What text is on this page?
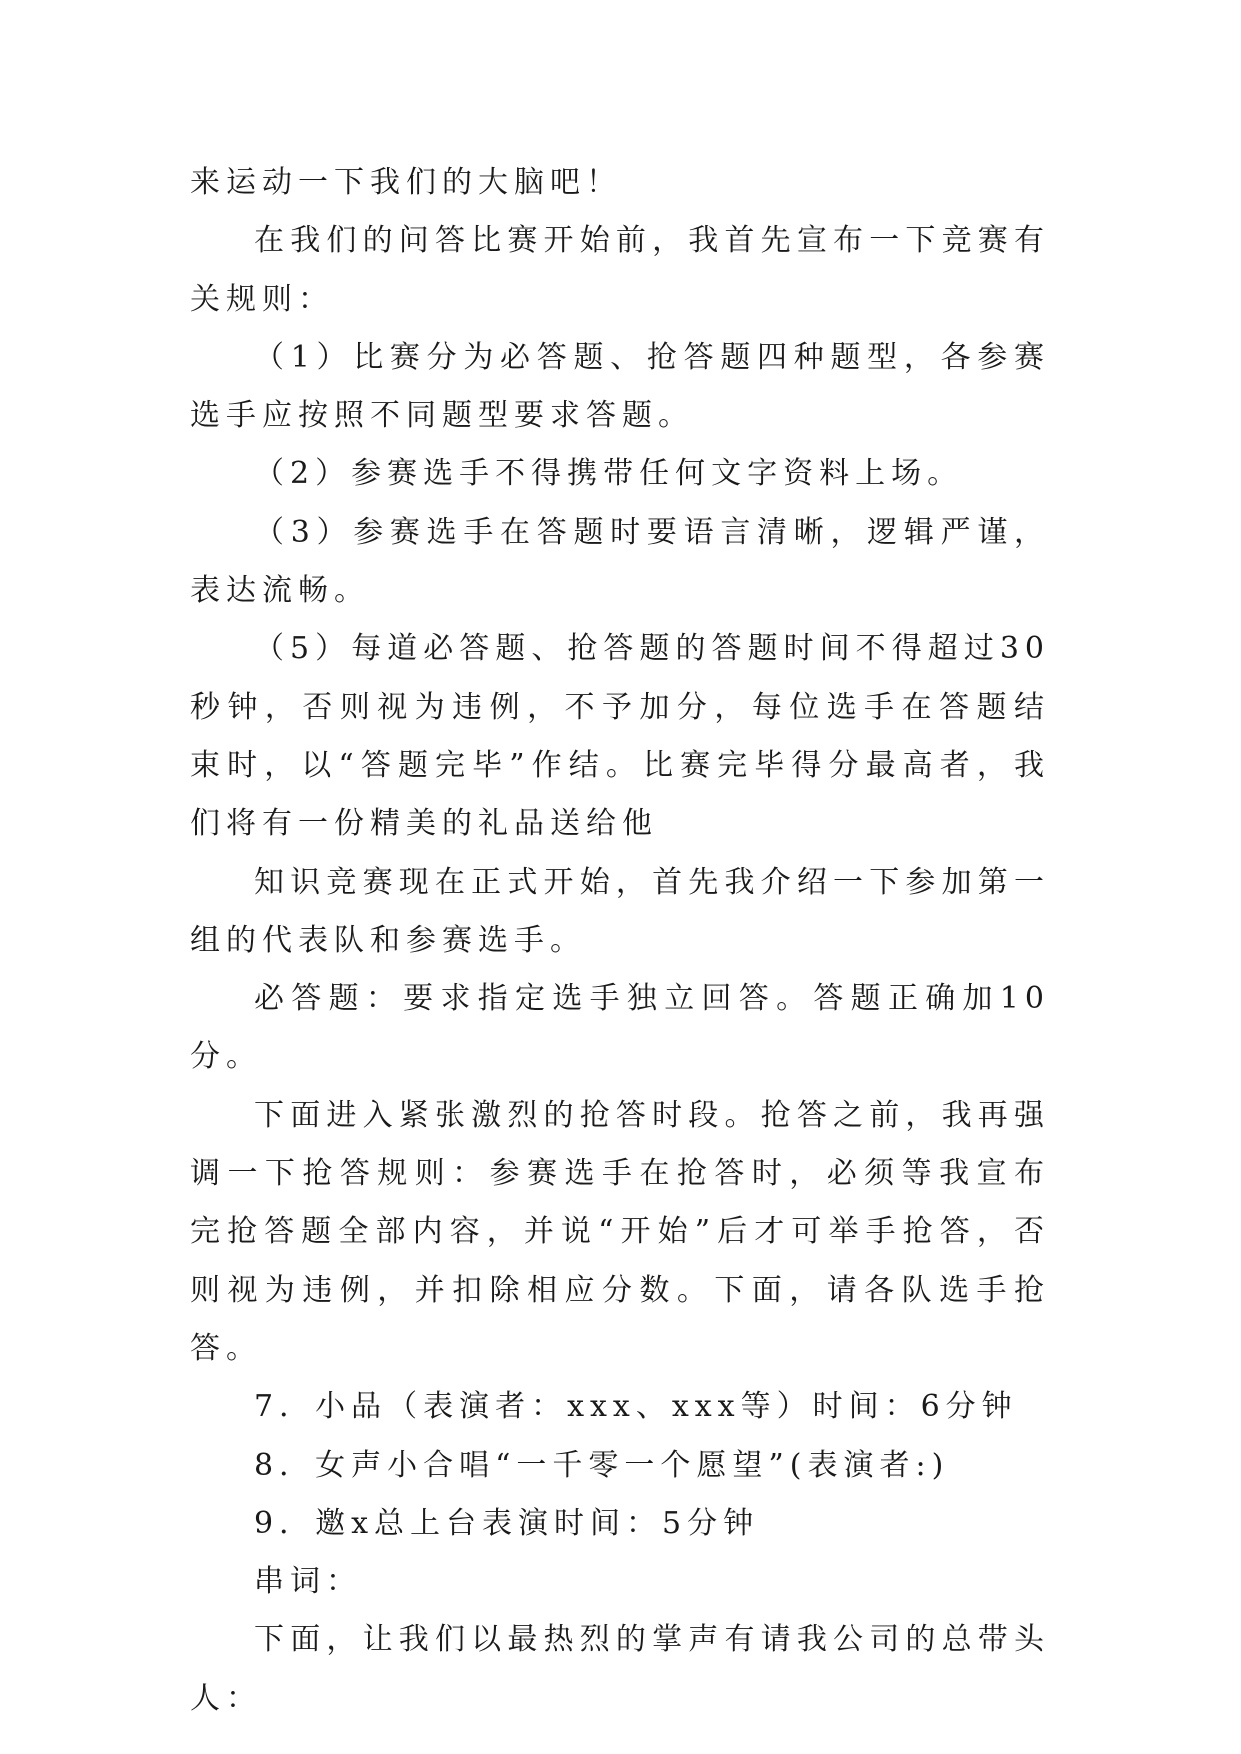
来运动一下我们的大脑吧！

在我们的问答比赛开始前，我首先宣布一下竞赛有关规则：

（1）比赛分为必答题、抢答题四种题型，各参赛选手应按照不同题型要求答题。

（2）参赛选手不得携带任何文字资料上场。

（3）参赛选手在答题时要语言清晰，逻辑严谨，表达流畅。

（5）每道必答题、抢答题的答题时间不得超过30秒钟，否则视为违例，不予加分，每位选手在答题结束时，以“答题完毕”作结。比赛完毕得分最高者，我们将有一份精美的礼品送给他

知识竞赛现在正式开始，首先我介绍一下参加第一组的代表队和参赛选手。

必答题：要求指定选手独立回答。答题正确加10分。

下面进入紧张激烈的抢答时段。抢答之前，我再强调一下抢答规则：参赛选手在抢答时，必须等我宣布完抢答题全部内容，并说“开始”后才可举手抢答，否则视为违例，并扣除相应分数。下面，请各队选手抢答。

7．小品（表演者：xxx、xxx等）时间：6分钟

8．女声小合唱“一千零一个愿望”(表演者:)

9．邀x总上台表演时间：5分钟

串词：

下面，让我们以最热烈的掌声有请我公司的总带头人：
